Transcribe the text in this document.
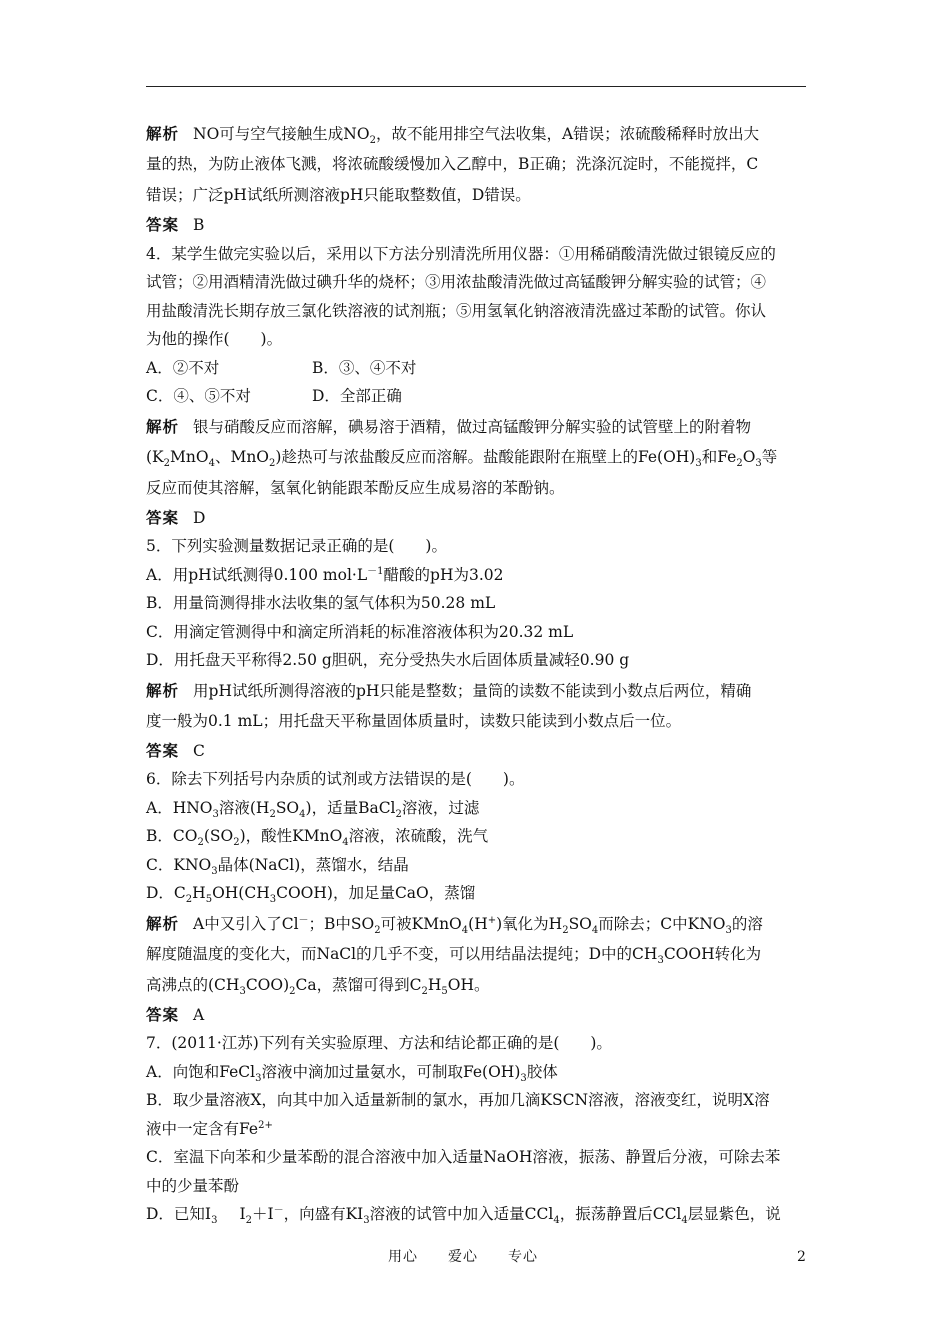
解析 NO可与空气接触生成$NO_2$，故不能用排空气法收集，A错误；浓硫酸稀释时放出大
量的热，为防止液体飞溅，将浓硫酸缓慢加入乙醇中，B正确；洗涤沉淀时，不能搅拌，C
错误；广泛pH试纸所测溶液pH只能取整数值，D错误。
答案 B
4．某学生做完实验以后，采用以下方法分别清洗所用仪器：①用稀硝酸清洗做过银镜反应的
试管；②用酒精清洗做过碘升华的烧杯；③用浓盐酸清洗做过高锰酸钾分解实验的试管；④
用盐酸清洗长期存放三氯化铁溶液的试剂瓶；⑤用氢氧化钠溶液清洗盛过苯酚的试管。你认
为他的操作(　　)。
A．②不对	B．③、④不对
C．④、⑤不对	D．全部正确
解析 银与硝酸反应而溶解，碘易溶于酒精，做过高锰酸钾分解实验的试管壁上的附着物
($K_2MnO_4$、MnO$_2$)趁热可与浓盐酸反应而溶解。盐酸能跟附在瓶壁上的$Fe(OH)_3$和$Fe_2O_3$等
反应而使其溶解，氢氧化钠能跟苯酚反应生成易溶的苯酚钠。
答案 D
5．下列实验测量数据记录正确的是(　　)。
A．用pH试纸测得0.100 $mol\cdot L^{-1}$醋酸的pH为3.02
B．用量筒测得排水法收集的氢气体积为50.28 mL
C．用滴定管测得中和滴定所消耗的标准溶液体积为20.32 mL
D．用托盘天平称得2.50 g胆矾，充分受热失水后固体质量减轻0.90 g
解析 用pH试纸所测得溶液的pH只能是整数；量筒的读数不能读到小数点后两位，精确
度一般为0.1 mL；用托盘天平称量固体质量时，读数只能读到小数点后一位。
答案 C
6．除去下列括号内杂质的试剂或方法错误的是(　　)。
A．$HNO_3$溶液$(H_2SO_4)$，适量BaCl$_2$溶液，过滤
B．$CO_2(SO_2)$，酸性KMnO$_4$溶液，浓硫酸，洗气
C．$KNO_3$晶体(NaCl)，蒸馏水，结晶
D．$C_2H_5OH(CH_3COOH)$，加足量CaO，蒸馏
解析 A中又引入了Cl－；B中$SO_2$可被KMnO$_4$(H+)氧化为$H_2SO_4$而除去；C中$KNO_3$的溶
解度随温度的变化大，而NaCl的几乎不变，可以用结晶法提纯；D中的$CH_3COOH$转化为
高沸点的$(CH_3COO)_2Ca$，蒸馏可得到$C_2H_5OH$。
答案 A
7．(2011·江苏)下列有关实验原理、方法和结论都正确的是(　　)。
A．向饱和FeCl$_3$溶液中滴加过量氨水，可制取$Fe(OH)_3$胶体
B．取少量溶液X，向其中加入适量新制的氯水，再加几滴KSCN溶液，溶液变红，说明X溶
液中一定含有$Fe^{2+}$
C．室温下向苯和少量苯酚的混合溶液中加入适量NaOH溶液，振荡、静置后分液，可除去苯
中的少量苯酚
D．已知$I_3$ $I_2+I^-$，向盛有$KI_3$溶液的试管中加入适量CCl$_4$，振荡静置后CCl$_4$层显紫色，说
用心 爱心 专心	2
